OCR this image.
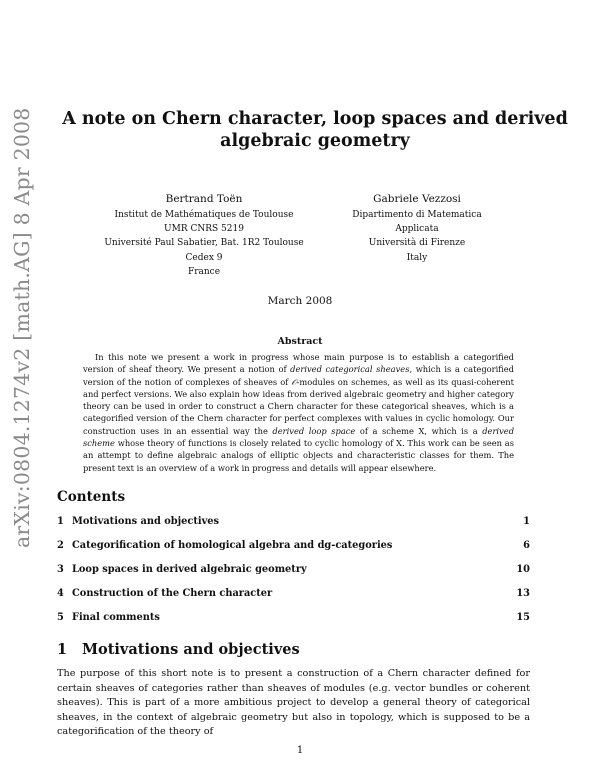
arXiv:0804.1274v2 [math.AG] 8 Apr 2008 A note on Chern character, loop spaces and derived algebraic geometry
Bertrand Toën
Institut de Mathématiques de Toulouse
UMR CNRS 5219
Université Paul Sabatier, Bat. 1R2 Toulouse Cedex 9
France
Gabriele Vezzosi
Dipartimento di Matematica Applicata
Università di Firenze
Italy
March 2008
Abstract

In this note we present a work in progress whose main purpose is to establish a categorified version of sheaf theory. We present a notion of derived categorical sheaves, which is a categorified version of the notion of complexes of sheaves of 𝒪-modules on schemes, as well as its quasi-coherent and perfect versions. We also explain how ideas from derived algebraic geometry and higher category theory can be used in order to construct a Chern character for these categorical sheaves, which is a categorified version of the Chern character for perfect complexes with values in cyclic homology. Our construction uses in an essential way the derived loop space of a scheme X, which is a derived scheme whose theory of functions is closely related to cyclic homology of X. This work can be seen as an attempt to define algebraic analogs of elliptic objects and characteristic classes for them. The present text is an overview of a work in progress and details will appear elsewhere.

Contents
1 Motivations and objectives	1
2 Categorification of homological algebra and dg-categories	6
3 Loop spaces in derived algebraic geometry	10
4 Construction of the Chern character	13
5 Final comments	15
1 Motivations and objectives

The purpose of this short note is to present a construction of a Chern character defined for certain sheaves of categories rather than sheaves of modules (e.g. vector bundles or coherent sheaves). This is part of a more ambitious project to develop a general theory of categorical sheaves, in the context of algebraic geometry but also in topology, which is supposed to be a categorification of the theory of

1
